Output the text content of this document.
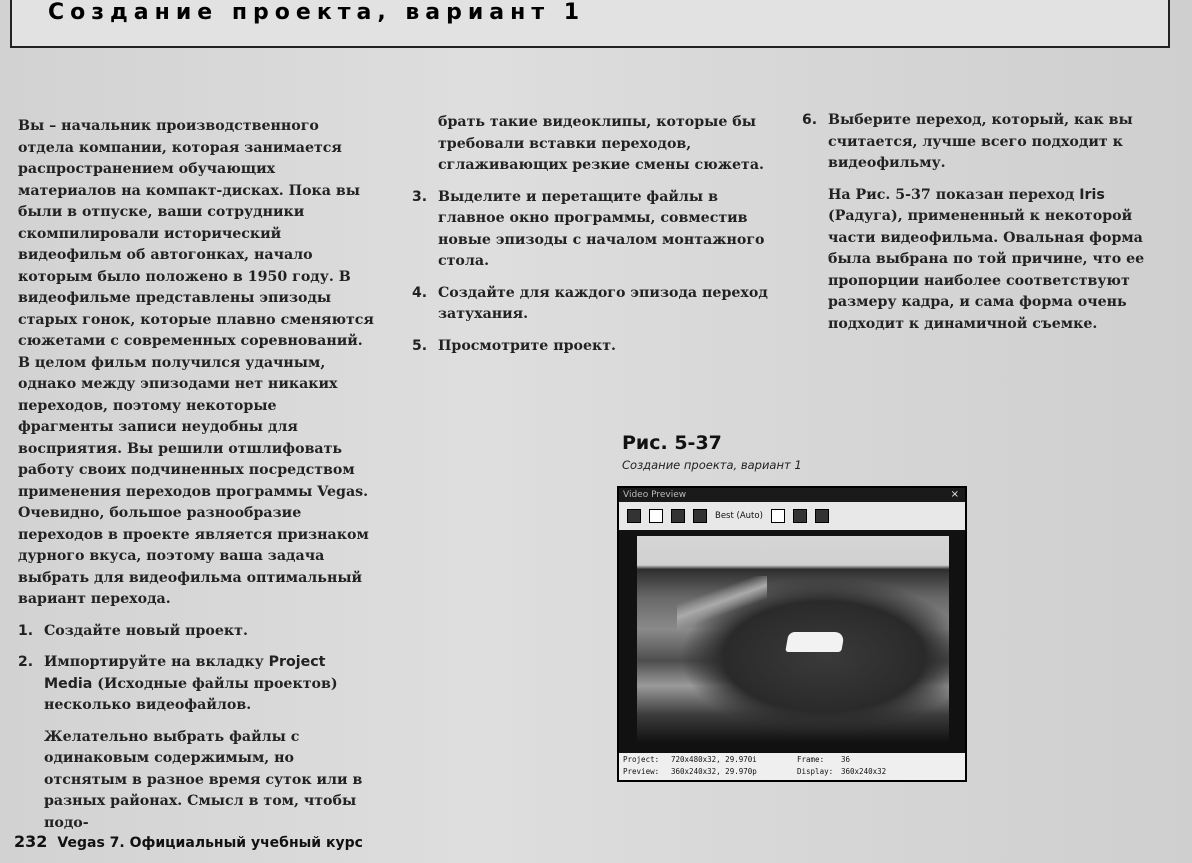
Создание проекта, вариант 1

Вы – начальник производственного отдела компании, которая занимается распространением обучающих материалов на компакт-дисках. Пока вы были в отпуске, ваши сотрудники скомпилировали исторический видеофильм об автогонках, начало которым было положено в 1950 году. В видеофильме представлены эпизоды старых гонок, которые плавно сменяются сюжетами с современных соревнований. В целом фильм получился удачным, однако между эпизодами нет никаких переходов, поэтому некоторые фрагменты записи неудобны для восприятия. Вы решили отшлифовать работу своих подчиненных посредством применения переходов программы Vegas. Очевидно, большое разнообразие переходов в проекте является признаком дурного вкуса, поэтому ваша задача выбрать для видеофильма оптимальный вариант перехода.

1. Создайте новый проект.
2. Импортируйте на вкладку Project Media (Исходные файлы проектов) несколько видеофайлов.

Желательно выбрать файлы с одинаковым содержимым, но отснятым в разное время суток или в разных районах. Смысл в том, чтобы подо-

брать такие видеоклипы, которые бы требовали вставки переходов, сглаживающих резкие смены сюжета.

3. Выделите и перетащите файлы в главное окно программы, совместив новые эпизоды с началом монтажного стола.
4. Создайте для каждого эпизода переход затухания.
5. Просмотрите проект.
6. Выберите переход, который, как вы считается, лучше всего подходит к видеофильму.

На Рис. 5-37 показан переход Iris (Радуга), примененный к некоторой части видеофильма. Овальная форма была выбрана по той причине, что ее пропорции наиболее соответствуют размеру кадра, и сама форма очень подходит к динамичной съемке.

Рис. 5-37
Создание проекта, вариант 1
Video Preview	×
Best (Auto)
Project: 720x480x32, 29.970i
Preview: 360x240x32, 29.970p
Frame: 36
Display: 360x240x32
232 Vegas 7. Официальный учебный курс
